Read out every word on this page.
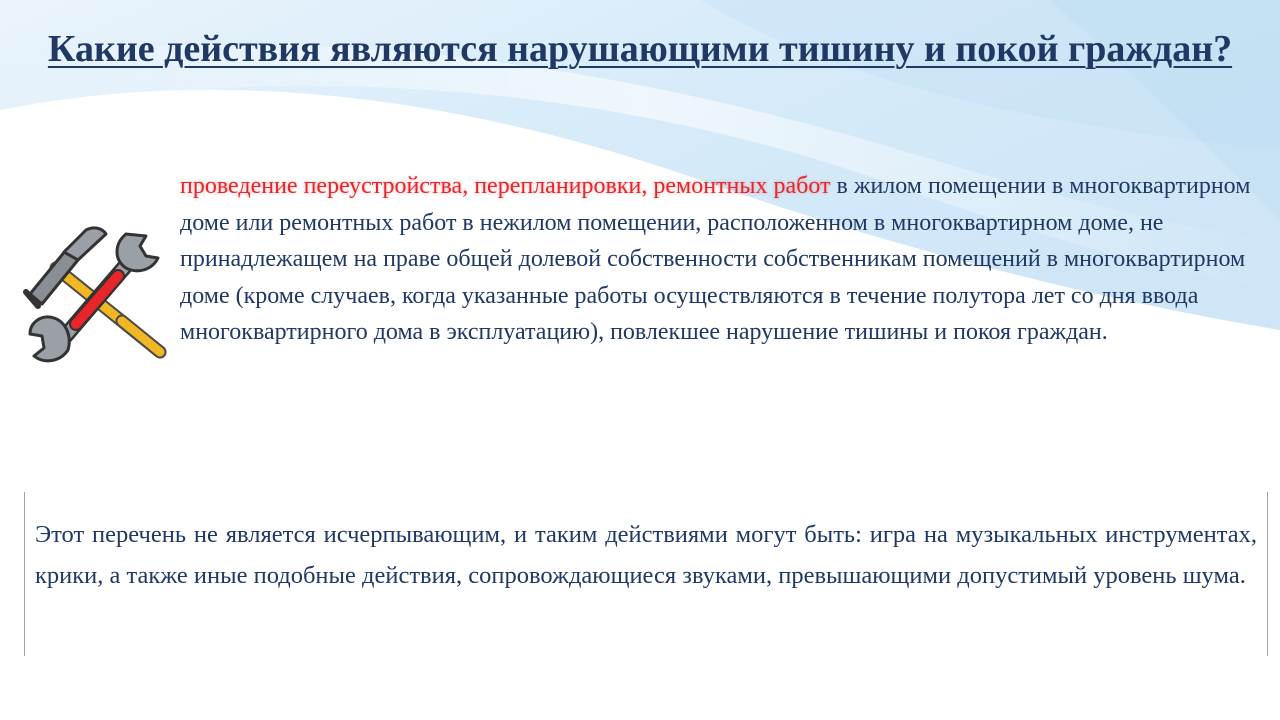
Какие действия являются нарушающими тишину и покой граждан?
проведение переустройства, перепланировки, ремонтных работ в жилом помещении в многоквартирном доме или ремонтных работ в нежилом помещении, расположенном в многоквартирном доме, не принадлежащем на праве общей долевой собственности собственникам помещений в многоквартирном доме (кроме случаев, когда указанные работы осуществляются в течение полутора лет со дня ввода многоквартирного дома в эксплуатацию), повлекшее нарушение тишины и покоя граждан.

Этот перечень не является исчерпывающим, и таким действиями могут быть: игра на музыкальных инструментах, крики, а также иные подобные действия, сопровождающиеся звуками, превышающими допустимый уровень шума.
